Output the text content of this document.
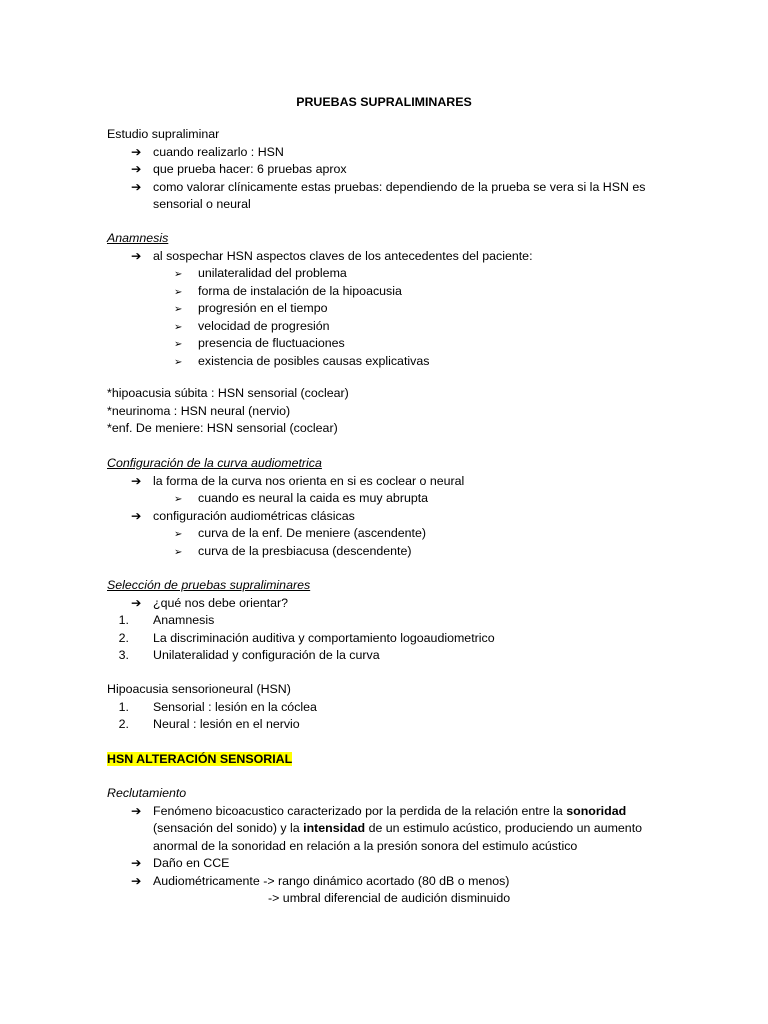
PRUEBAS SUPRALIMINARES
Estudio supraliminar
➔ cuando realizarlo : HSN
➔ que prueba hacer: 6 pruebas aprox
➔ como valorar clínicamente estas pruebas: dependiendo de la prueba se vera si la HSN es
sensorial o neural
Anamnesis
➔ al sospechar HSN aspectos claves de los antecedentes del paciente:
➢ unilateralidad del problema
➢ forma de instalación de la hipoacusia
➢ progresión en el tiempo
➢ velocidad de progresión
➢ presencia de fluctuaciones
➢ existencia de posibles causas explicativas
*hipoacusia súbita : HSN sensorial (coclear)
*neurinoma : HSN neural (nervio)
*enf. De meniere: HSN sensorial (coclear)
Configuración de la curva audiometrica
➔ la forma de la curva nos orienta en si es coclear o neural
➢ cuando es neural la caida es muy abrupta
➔ configuración audiométricas clásicas
➢ curva de la enf. De meniere (ascendente)
➢ curva de la presbiacusa (descendente)
Selección de pruebas supraliminares
➔ ¿qué nos debe orientar?
1. Anamnesis
2. La discriminación auditiva y comportamiento logoaudiometrico
3. Unilateralidad y configuración de la curva
Hipoacusia sensorioneural (HSN)
1. Sensorial : lesión en la cóclea
2. Neural : lesión en el nervio
HSN ALTERACIÓN SENSORIAL
Reclutamiento
➔ Fenómeno bicoacustico caracterizado por la perdida de la relación entre la sonoridad
(sensación del sonido) y la intensidad de un estimulo acústico, produciendo un aumento
anormal de la sonoridad en relación a la presión sonora del estimulo acústico
➔ Daño en CCE
➔ Audiométricamente -> rango dinámico acortado (80 dB o menos)
-> umbral diferencial de audición disminuido
